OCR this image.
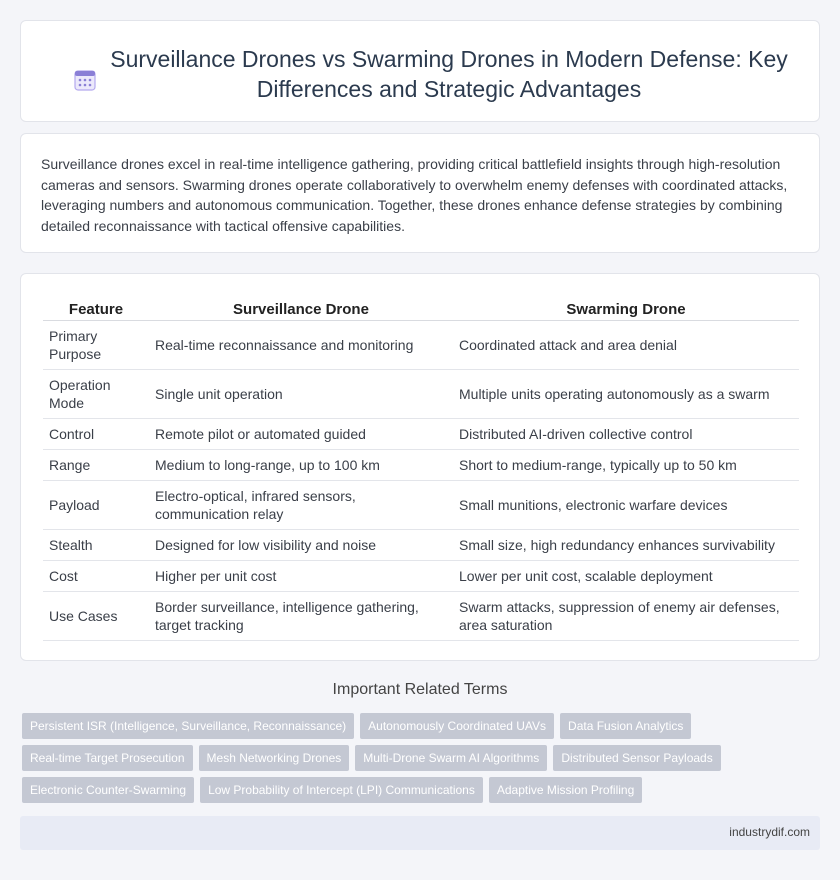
Surveillance Drones vs Swarming Drones in Modern Defense: Key Differences and Strategic Advantages

Surveillance drones excel in real-time intelligence gathering, providing critical battlefield insights through high-resolution cameras and sensors. Swarming drones operate collaboratively to overwhelm enemy defenses with coordinated attacks, leveraging numbers and autonomous communication. Together, these drones enhance defense strategies by combining detailed reconnaissance with tactical offensive capabilities.

Feature	Surveillance Drone	Swarming Drone
Primary Purpose	Real-time reconnaissance and monitoring	Coordinated attack and area denial
Operation Mode	Single unit operation	Multiple units operating autonomously as a swarm
Control	Remote pilot or automated guided	Distributed AI-driven collective control
Range	Medium to long-range, up to 100 km	Short to medium-range, typically up to 50 km
Payload	Electro-optical, infrared sensors, communication relay	Small munitions, electronic warfare devices
Stealth	Designed for low visibility and noise	Small size, high redundancy enhances survivability
Cost	Higher per unit cost	Lower per unit cost, scalable deployment
Use Cases	Border surveillance, intelligence gathering, target tracking	Swarm attacks, suppression of enemy air defenses, area saturation
Important Related Terms
Persistent ISR (Intelligence, Surveillance, Reconnaissance)	Autonomously Coordinated UAVs	Data Fusion Analytics
Real-time Target Prosecution	Mesh Networking Drones	Multi-Drone Swarm AI Algorithms	Distributed Sensor Payloads
Electronic Counter-Swarming	Low Probability of Intercept (LPI) Communications	Adaptive Mission Profiling
industrydif.com
